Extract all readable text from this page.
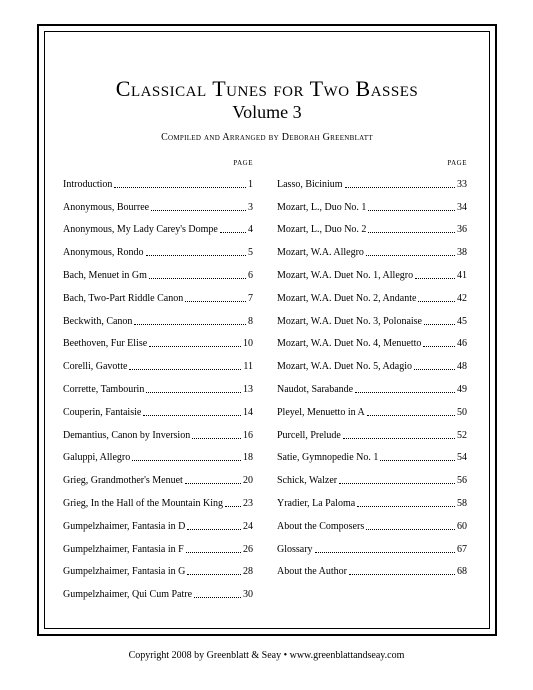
Classical Tunes for Two Basses
Volume 3
Compiled and Arranged by Deborah Greenblatt
PAGE
Introduction	1
Anonymous, Bourree	3
Anonymous, My Lady Carey's Dompe	4
Anonymous, Rondo	5
Bach, Menuet in Gm	6
Bach, Two-Part Riddle Canon	7
Beckwith, Canon	8
Beethoven, Fur Elise	10
Corelli, Gavotte	11
Corrette, Tambourin	13
Couperin, Fantaisie	14
Demantius, Canon by Inversion	16
Galuppi, Allegro	18
Grieg, Grandmother's Menuet	20
Grieg, In the Hall of the Mountain King 23
Gumpelzhaimer, Fantasia in D	24
Gumpelzhaimer, Fantasia in F	26
Gumpelzhaimer, Fantasia in G	28
Gumpelzhaimer, Qui Cum Patre	30
PAGE
Lasso, Bicinium	33
Mozart, L., Duo No. 1	34
Mozart, L., Duo No. 2	36
Mozart, W.A. Allegro	38
Mozart, W.A. Duet No. 1, Allegro	41
Mozart, W.A. Duet No. 2, Andante	42
Mozart, W.A. Duet No. 3, Polonaise	45
Mozart, W.A. Duet No. 4, Menuetto	46
Mozart, W.A. Duet No. 5, Adagio	48
Naudot, Sarabande	49
Pleyel, Menuetto in A	50
Purcell, Prelude	52
Satie, Gymnopedie No. 1	54
Schick, Walzer	56
Yradier, La Paloma	58
About the Composers	60
Glossary	67
About the Author	68
Copyright 2008 by Greenblatt & Seay • www.greenblattandseay.com
